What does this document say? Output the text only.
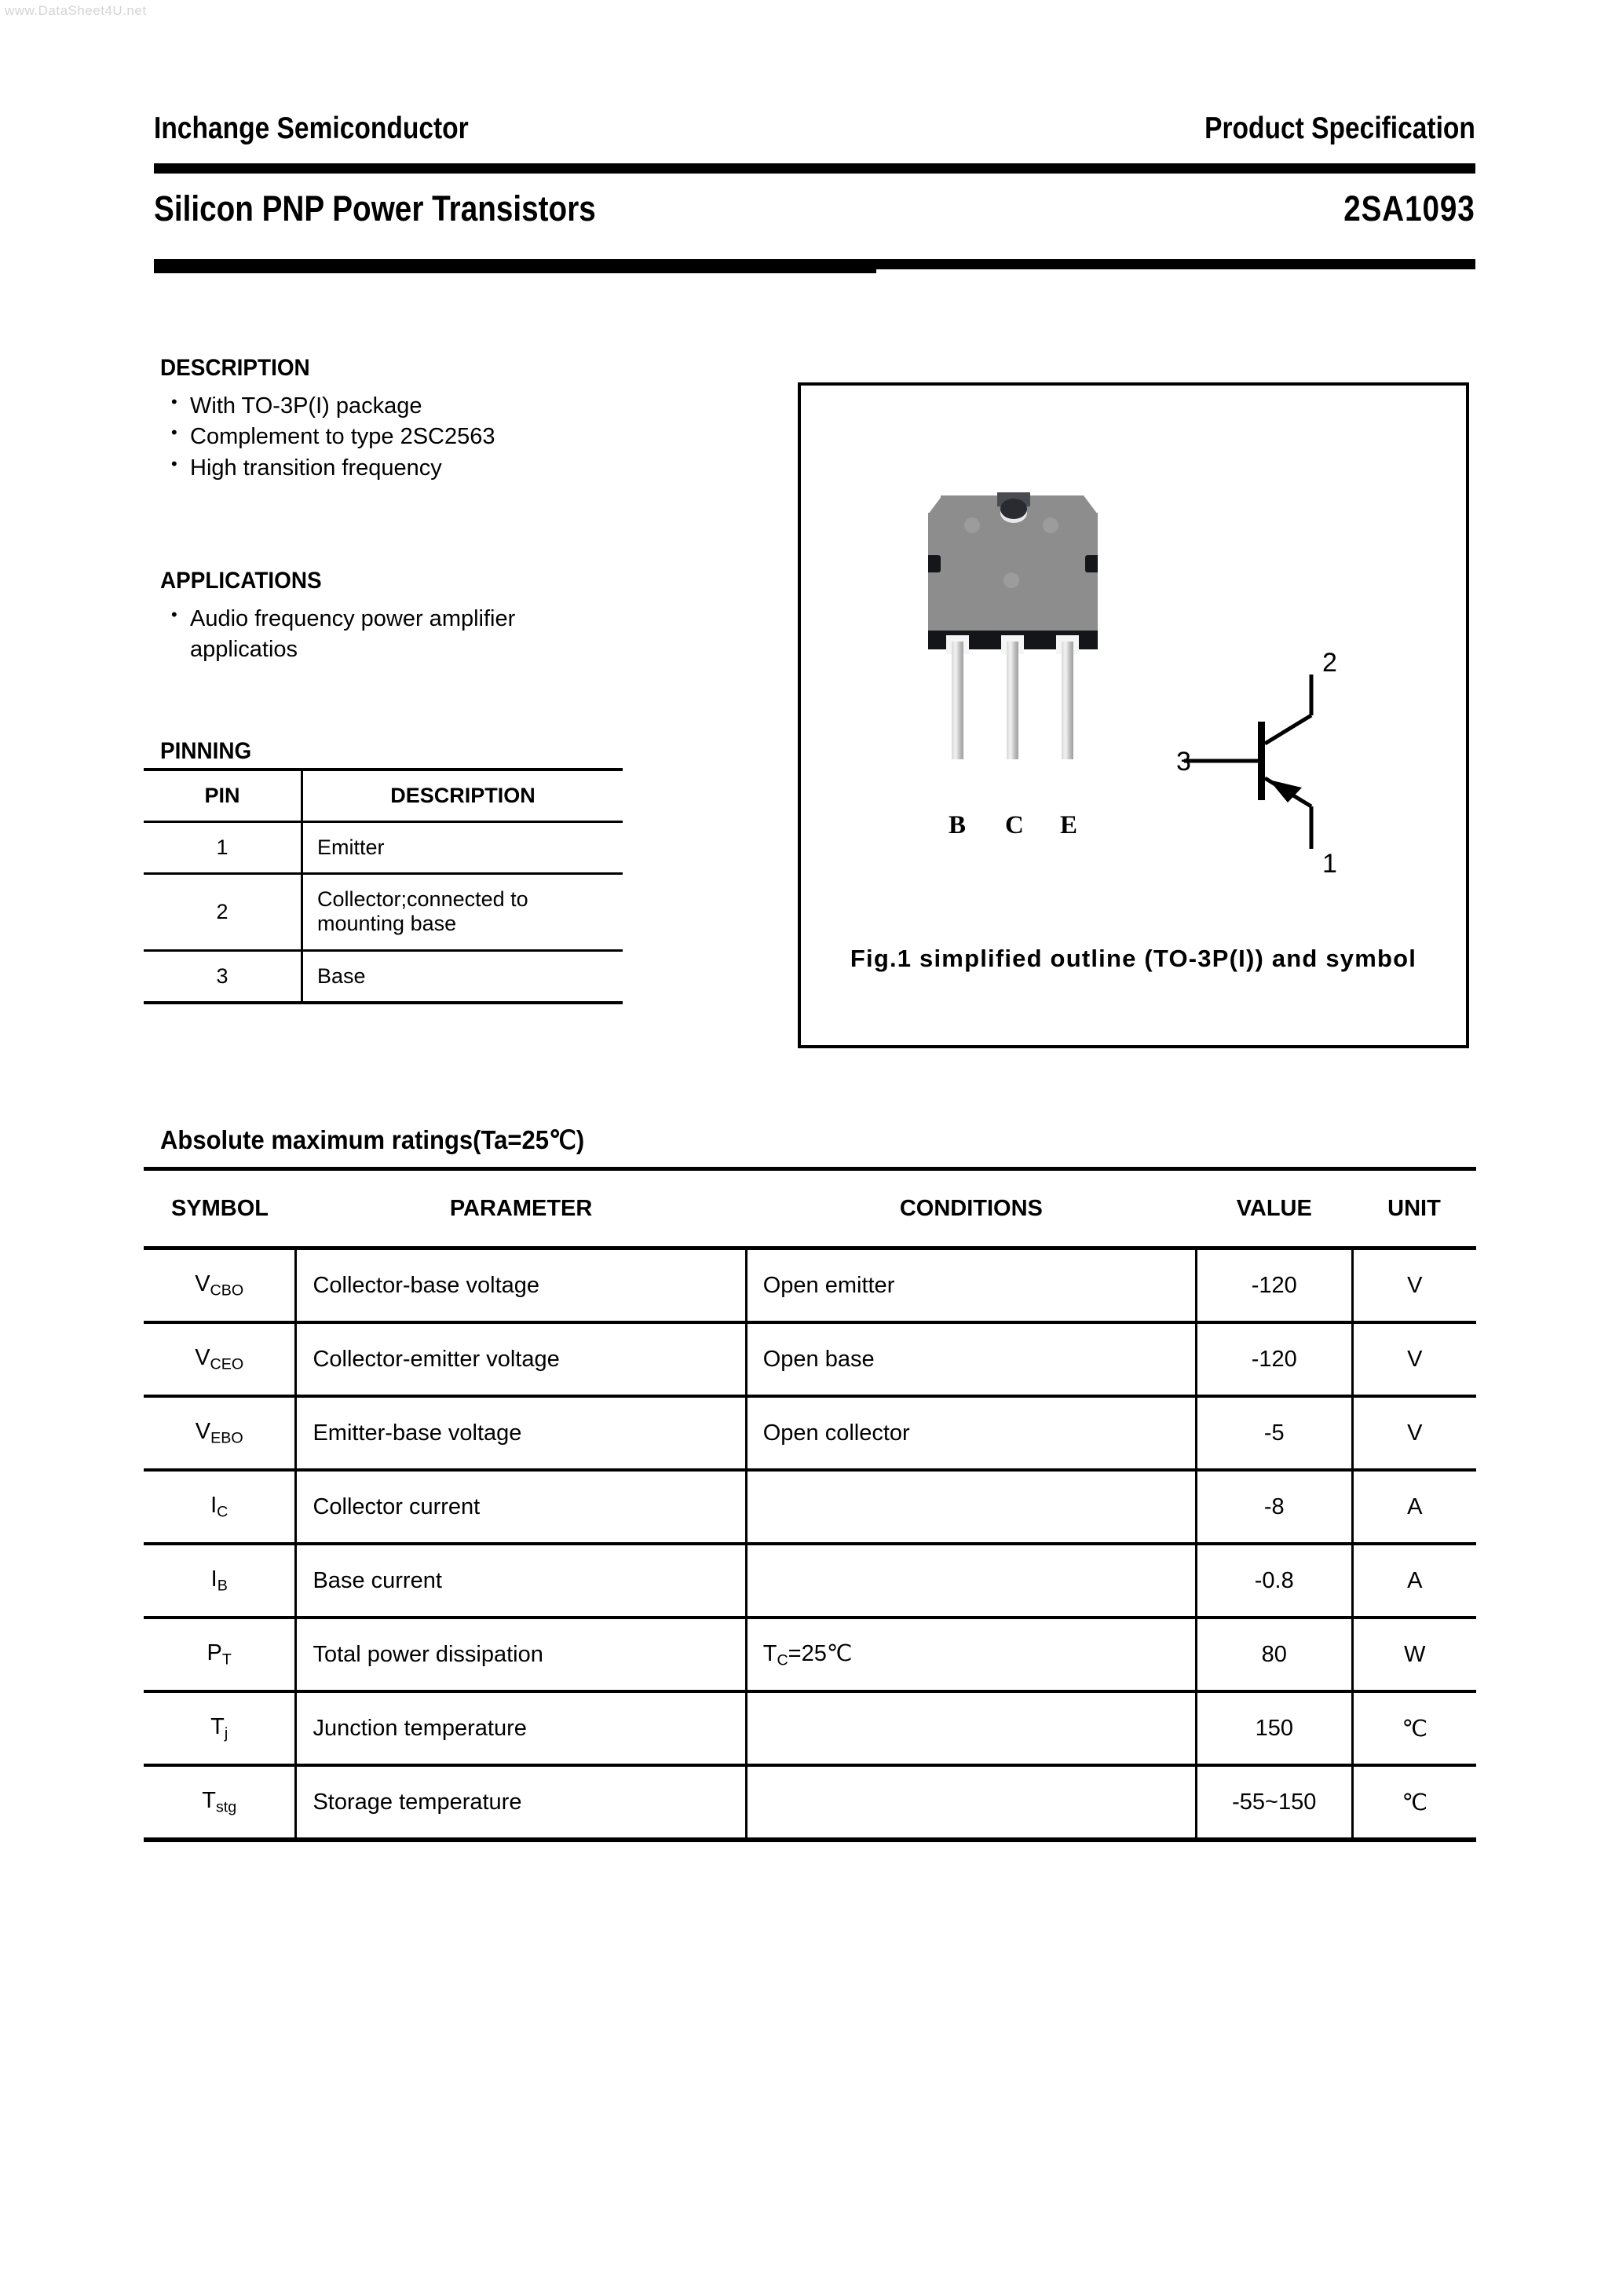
www.DataSheet4U.net
Inchange Semiconductor	Product Specification
Silicon PNP Power Transistors	2SA1093
DESCRIPTION
• With TO-3P(I) package
• Complement to type 2SC2563
• High transition frequency
APPLICATIONS
• Audio frequency power amplifier
applicatios
PINNING
PIN	DESCRIPTION
1	Emitter
2	Collector;connected to
mounting base

3	Base
B C E
2
3
1
Fig.1 simplified outline (TO-3P(I)) and symbol
Absolute maximum ratings(Ta=25℃)
SYMBOL	PARAMETER	CONDITIONS	VALUE	UNIT
$V_{CBO}$	Collector-base voltage	Open emitter	-120	V
$V_{CEO}$	Collector-emitter voltage	Open base	-120	V
$V_{EBO}$	Emitter-base voltage	Open collector	-5	V
$I_C$	Collector current		-8	A
$I_B$	Base current		-0.8	A
$P_T$	Total power dissipation	$T_C=25℃$	80	W
$T_j$	Junction temperature		150	℃
$T_{stg}$	Storage temperature		-55~150	℃
